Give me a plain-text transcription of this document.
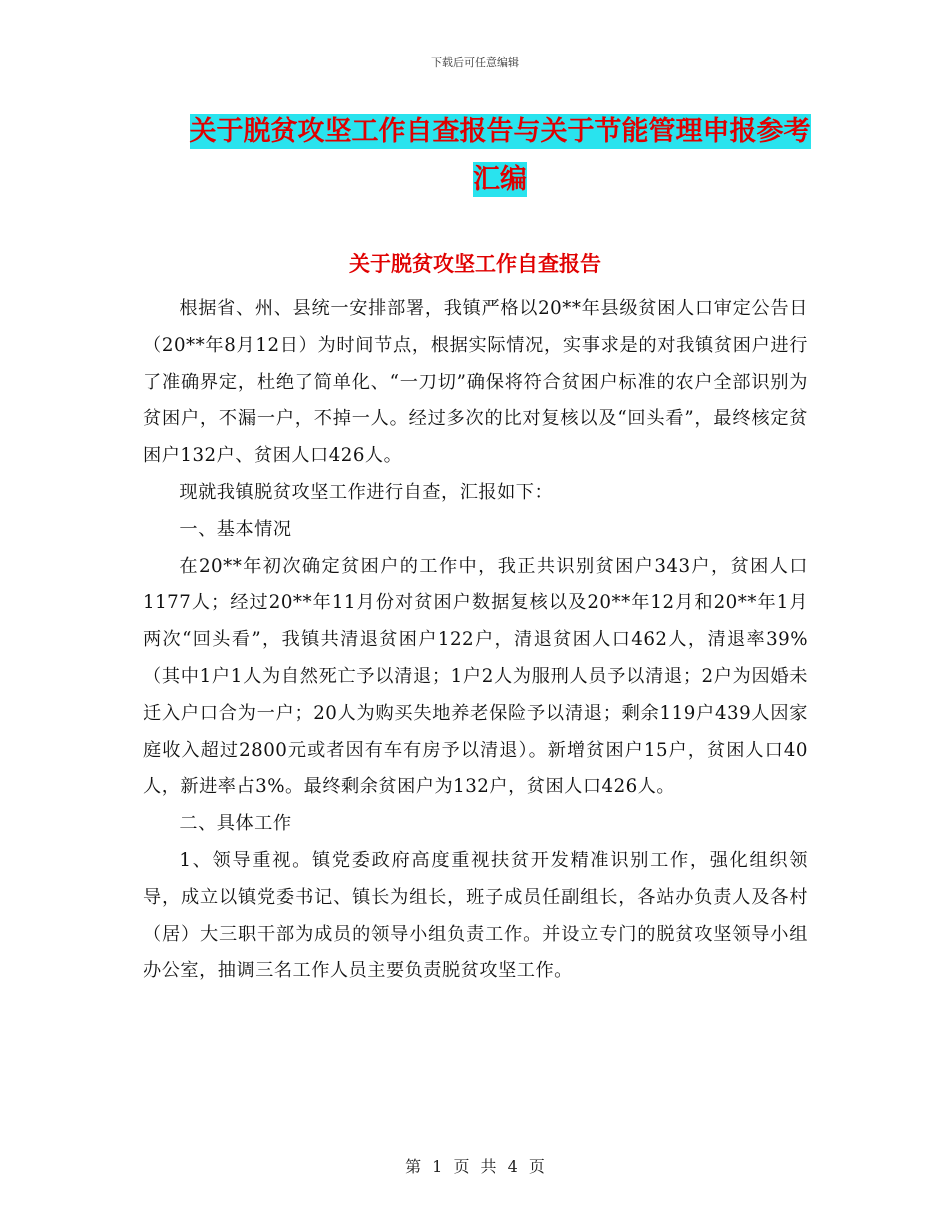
下载后可任意编辑
关于脱贫攻坚工作自查报告与关于节能管理申报参考
汇编
关于脱贫攻坚工作自查报告

根据省、州、县统一安排部署，我镇严格以20**年县级贫困人口审定公告日（20**年8月12日）为时间节点，根据实际情况，实事求是的对我镇贫困户进行了准确界定，杜绝了简单化、“一刀切”确保将符合贫困户标准的农户全部识别为贫困户，不漏一户，不掉一人。经过多次的比对复核以及“回头看”，最终核定贫困户132户、贫困人口426人。

现就我镇脱贫攻坚工作进行自查，汇报如下：

一、基本情况

在20**年初次确定贫困户的工作中，我正共识别贫困户343户，贫困人口1177人；经过20**年11月份对贫困户数据复核以及20**年12月和20**年1月两次“回头看”，我镇共清退贫困户122户，清退贫困人口462人，清退率39%（其中1户1人为自然死亡予以清退；1户2人为服刑人员予以清退；2户为因婚未迁入户口合为一户；20人为购买失地养老保险予以清退；剩余119户439人因家庭收入超过2800元或者因有车有房予以清退）。新增贫困户15户，贫困人口40人，新进率占3%。最终剩余贫困户为132户，贫困人口426人。

二、具体工作

1、领导重视。镇党委政府高度重视扶贫开发精准识别工作，强化组织领导，成立以镇党委书记、镇长为组长，班子成员任副组长，各站办负责人及各村（居）大三职干部为成员的领导小组负责工作。并设立专门的脱贫攻坚领导小组办公室，抽调三名工作人员主要负责脱贫攻坚工作。

第 1 页 共 4 页
